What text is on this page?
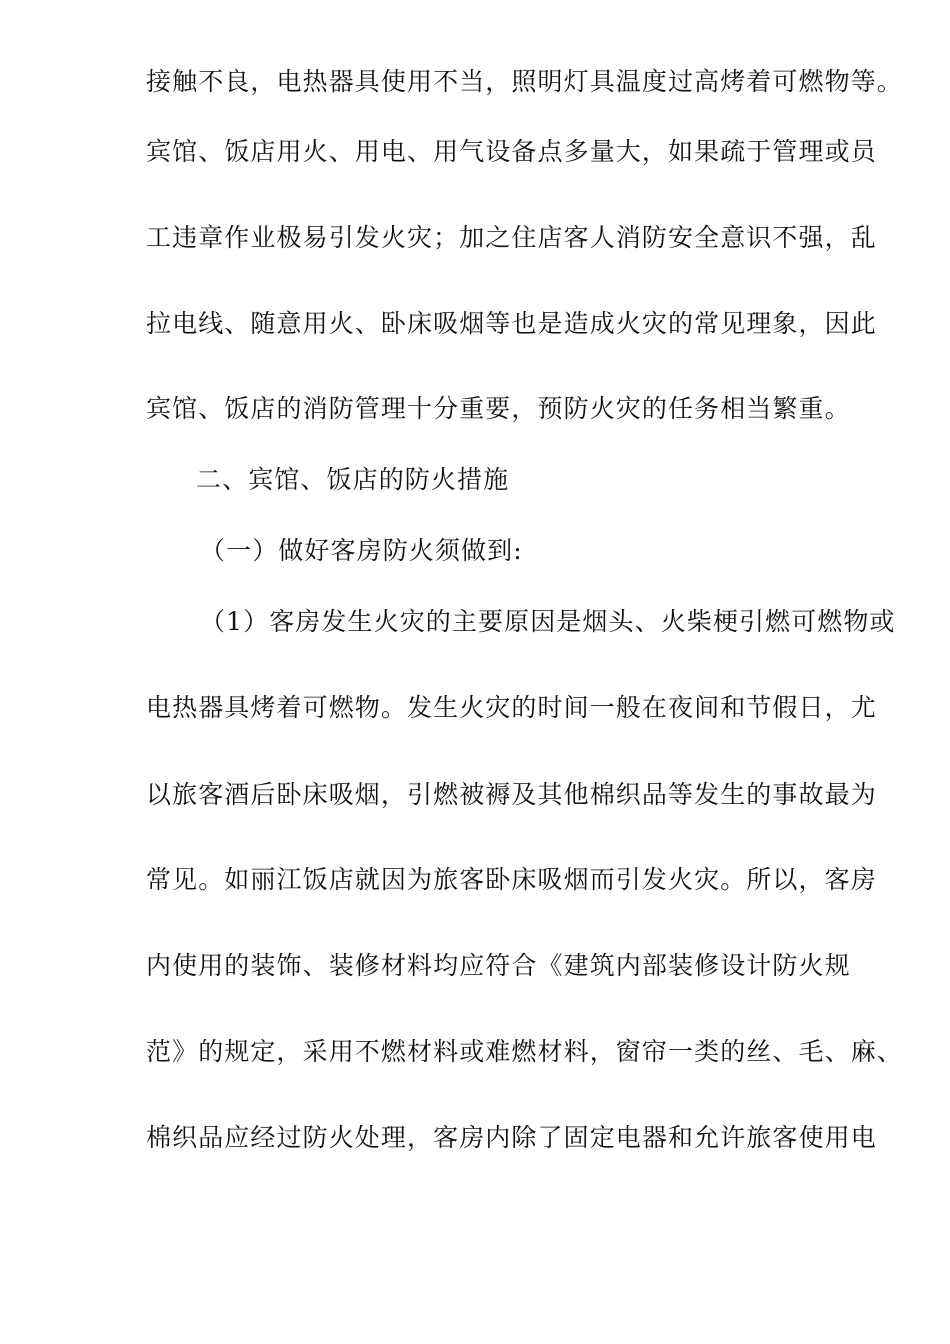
接触不良，电热器具使用不当，照明灯具温度过高烤着可燃物等。
宾馆、饭店用火、用电、用气设备点多量大，如果疏于管理或员
工违章作业极易引发火灾；加之住店客人消防安全意识不强，乱
拉电线、随意用火、卧床吸烟等也是造成火灾的常见理象，因此
宾馆、饭店的消防管理十分重要，预防火灾的任务相当繁重。
二、宾馆、饭店的防火措施
（一）做好客房防火须做到:
（1）客房发生火灾的主要原因是烟头、火柴梗引燃可燃物或
电热器具烤着可燃物。发生火灾的时间一般在夜间和节假日，尤
以旅客酒后卧床吸烟，引燃被褥及其他棉织品等发生的事故最为
常见。如丽江饭店就因为旅客卧床吸烟而引发火灾。所以，客房
内使用的装饰、装修材料均应符合《建筑内部装修设计防火规
范》的规定，采用不燃材料或难燃材料，窗帘一类的丝、毛、麻、
棉织品应经过防火处理，客房内除了固定电器和允许旅客使用电
